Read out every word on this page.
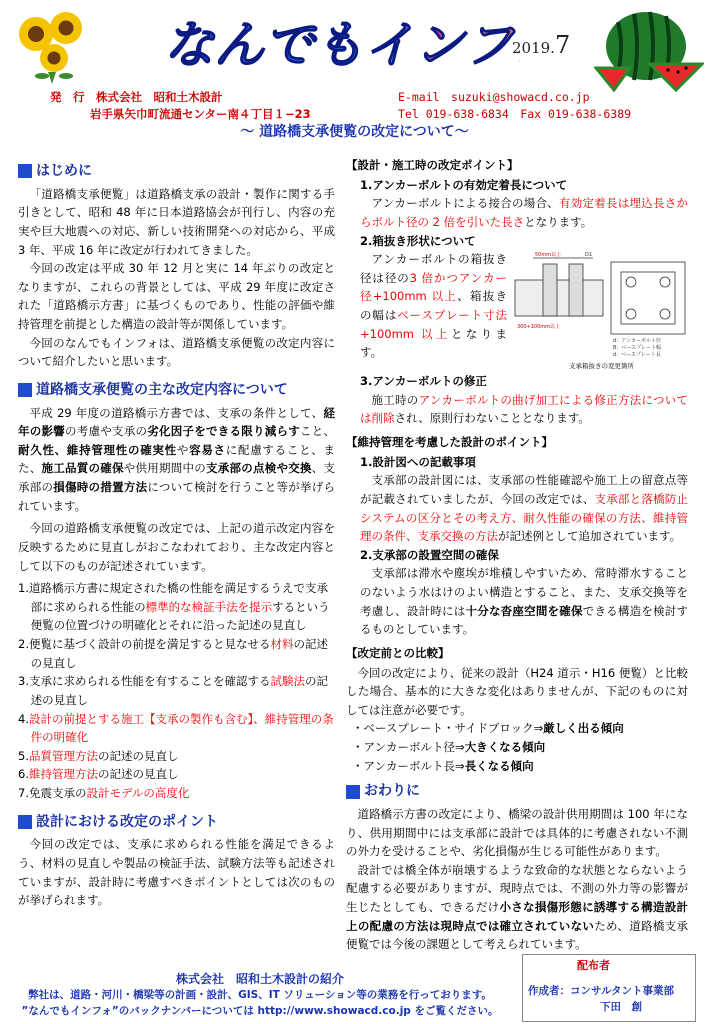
なんでもインフ 2019.7
発　行　株式会社　昭和土木設計
岩手県矢巾町流通センター南４丁目１−23
E-mail　suzuki@showacd.co.jp
Tel 019-638-6834　Fax 019-638-6389
～ 道路橋支承便覧の改定について～
はじめに

「道路橋支承便覧」は道路橋支承の設計・製作に関する手引きとして、昭和 48 年に日本道路協会が刊行し、内容の充実や巨大地震への対応、新しい技術開発への対応から、平成 3 年、平成 16 年に改定が行われてきました。

今回の改定は平成 30 年 12 月と実に 14 年ぶりの改定となりますが、これらの背景としては、平成 29 年度に改定された「道路橋示方書」に基づくものであり、性能の評価や維持管理を前提とした構造の設計等が関係しています。

今回のなんでもインフォは、道路橋支承便覧の改定内容について紹介したいと思います。

道路橋支承便覧の主な改定内容について

平成 29 年度の道路橋示方書では、支承の条件として、経年の影響の考慮や支承の劣化因子をできる限り減らすこと、耐久性、維持管理性の確実性や容易さに配慮すること、また、施工品質の確保や供用期間中の支承部の点検や交換、支承部の損傷時の措置方法について検討を行うこと等が挙げられています。

今回の道路橋支承便覧の改定では、上記の道示改定内容を反映するために見直しがおこなわれており、主な改定内容として以下のものが記述されています。

1.道路橋示方書に規定された橋の性能を満足するうえで支承部に求められる性能の標準的な検証手法を提示するという便覧の位置づけの明確化とそれに沿った記述の見直し
2.便覧に基づく設計の前提を満足すると見なせる材料の記述の見直し
3.支承に求められる性能を有することを確認する試験法の記述の見直し
4.設計の前提とする施工【支承の製作も含む】、維持管理の条件の明確化
5.品質管理方法の記述の見直し
6.維持管理方法の記述の見直し
7.免震支承の設計モデルの高度化
設計における改定のポイント

今回の改定では、支承に求められる性能を満足できるよう、材料の見直しや製品の検証手法、試験方法等も記述されていますが、設計時に考慮すべきポイントとしては次のものが挙げられます。

【設計・施工時の改定ポイント】
1.アンカーボルトの有効定着長について

アンカーボルトによる接合の場合、有効定着長は埋込長さからボルト径の 2 倍を引いた長さとなります。

2.箱抜き形状について
50mm以上	D1
300+100mm以上
d：アンカーボルト径
B：ベースプレート幅
d：ベースプレート長
支承箱抜きの変更箇所

アンカーボルトの箱抜き径は径の3 倍かつアンカー径+100mm 以上、箱抜きの幅はベースプレート寸法+100mm 以上となります。

3.アンカーボルトの修正

施工時のアンカーボルトの曲げ加工による修正方法については削除され、原則行わないこととなります。

【維持管理を考慮した設計のポイント】
1.設計図への記載事項

支承部の設計図には、支承部の性能確認や施工上の留意点等が記載されていましたが、今回の改定では、支承部と落橋防止システムの区分とその考え方、耐久性能の確保の方法、維持管理の条件、支承交換の方法が記述例として追加されています。

2.支承部の設置空間の確保

支承部は滞水や塵埃が堆積しやすいため、常時滞水することのないよう水はけのよい構造とすること、また、支承交換等を考慮し、設計時には十分な沓座空間を確保できる構造を検討するものとしています。

【改定前との比較】

今回の改定により、従来の設計（H24 道示・H16 便覧）と比較した場合、基本的に大きな変化はありませんが、下記のものに対しては注意が必要です。

・ベースプレート・サイドブロック⇒厳しく出る傾向
・アンカーボルト径⇒大きくなる傾向
・アンカーボルト長⇒長くなる傾向
おわりに

道路橋示方書の改定により、橋梁の設計供用期間は 100 年になり、供用期間中には支承部に設計では具体的に考慮されない不測の外力を受けることや、劣化損傷が生じる可能性があります。

設計では橋全体が崩壊するような致命的な状態とならないよう配慮する必要がありますが、現時点では、不測の外力等の影響が生じたとしても、できるだけ小さな損傷形態に誘導する構造設計上の配慮の方法は現時点では確立されていないため、道路橋支承便覧では今後の課題として考えられています。

株式会社　昭和土木設計の紹介
弊社は、道路・河川・橋梁等の計画・設計、GIS、IT ソリューション等の業務を行っております。
”なんでもインフォ”のバックナンバーについては http://www.showacd.co.jp をご覧ください。
配布者
作成者：コンサルタント事業部
下田　創
